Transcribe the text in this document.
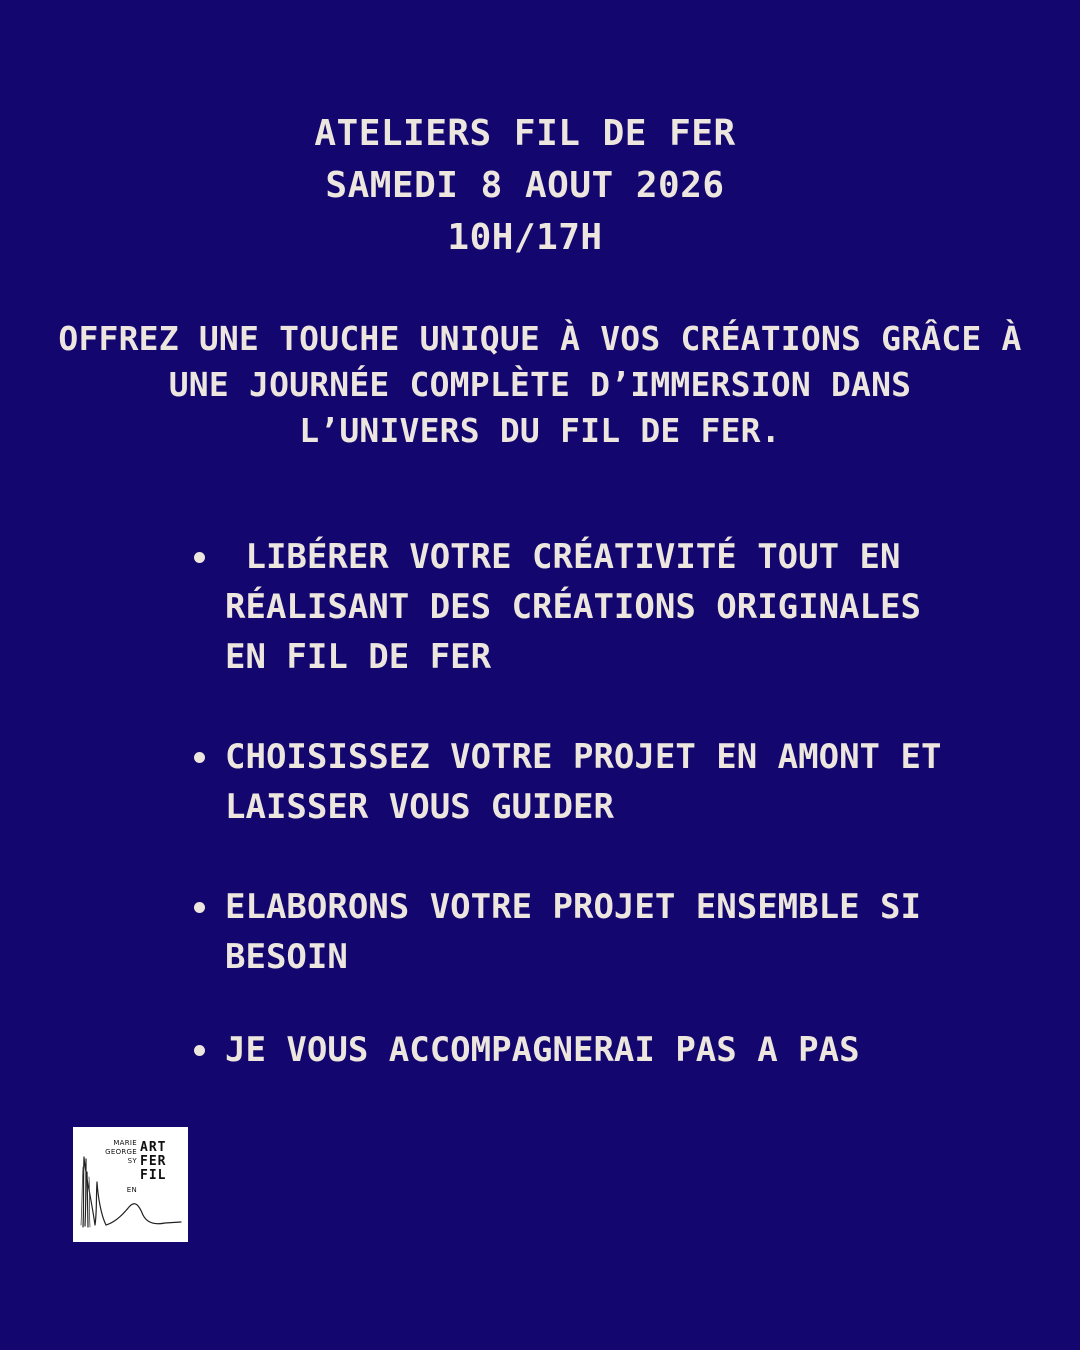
ATELIERS FIL DE FER
SAMEDI 8 AOUT 2026
10H/17H
OFFREZ UNE TOUCHE UNIQUE À VOS CRÉATIONS GRÂCE À
UNE JOURNÉE COMPLÈTE D’IMMERSION DANS
L’UNIVERS DU FIL DE FER.
LIBÉRER VOTRE CRÉATIVITÉ TOUT EN
RÉALISANT DES CRÉATIONS ORIGINALES
EN FIL DE FER
CHOISISSEZ VOTRE PROJET EN AMONT ET
LAISSER VOUS GUIDER
ELABORONS VOTRE PROJET ENSEMBLE SI
BESOIN
JE VOUS ACCOMPAGNERAI PAS A PAS
MARIE
GEORGE
SY
EN
ART
FER
FIL
